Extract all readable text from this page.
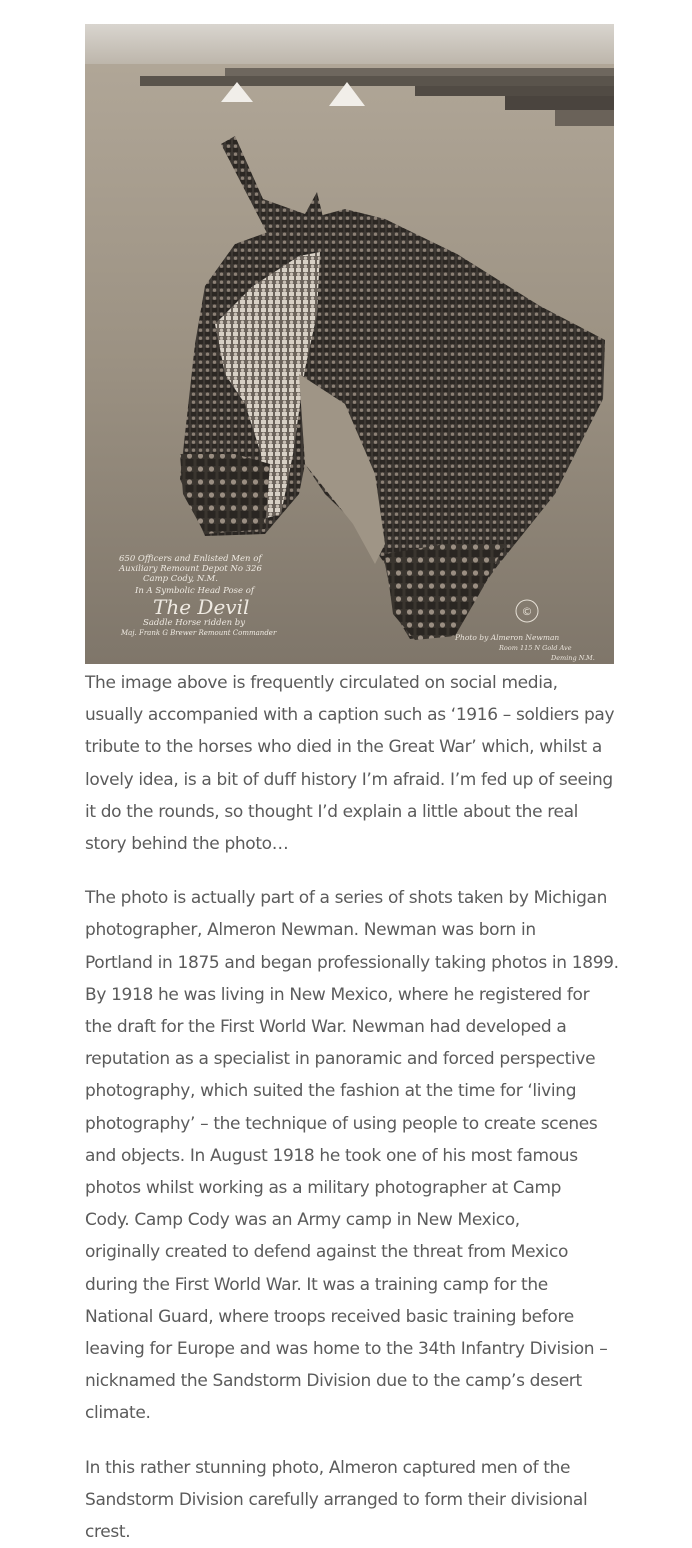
650 Officers and Enlisted Men of
Auxiliary Remount Depot No 326
Camp Cody, N.M.
In A Symbolic Head Pose of
The Devil
Saddle Horse ridden by
Maj. Frank G Brewer Remount Commander
©
Photo by Almeron Newman
Room 115 N Gold Ave
Deming N.M.

The image above is frequently circulated on social media,
usually accompanied with a caption such as ‘1916 – soldiers pay
tribute to the horses who died in the Great War’ which, whilst a
lovely idea, is a bit of duff history I’m afraid. I’m fed up of seeing
it do the rounds, so thought I’d explain a little about the real
story behind the photo…

The photo is actually part of a series of shots taken by Michigan
photographer, Almeron Newman. Newman was born in
Portland in 1875 and began professionally taking photos in 1899.
By 1918 he was living in New Mexico, where he registered for
the draft for the First World War. Newman had developed a
reputation as a specialist in panoramic and forced perspective
photography, which suited the fashion at the time for ‘living
photography’ – the technique of using people to create scenes
and objects. In August 1918 he took one of his most famous
photos whilst working as a military photographer at Camp
Cody. Camp Cody was an Army camp in New Mexico,
originally created to defend against the threat from Mexico
during the First World War. It was a training camp for the
National Guard, where troops received basic training before
leaving for Europe and was home to the 34th Infantry Division –
nicknamed the Sandstorm Division due to the camp’s desert
climate.

In this rather stunning photo, Almeron captured men of the
Sandstorm Division carefully arranged to form their divisional
crest.
